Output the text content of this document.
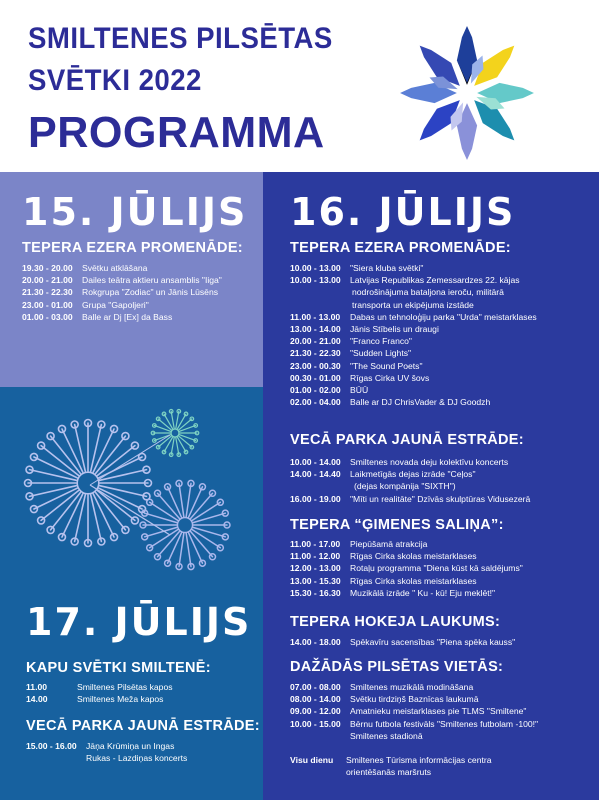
SMILTENES PILSĒTAS
SVĒTKI 2022
PROGRAMMA
15. JŪLIJS
TEPERA EZERA PROMENĀDE:
19.30 - 20.00	Svētku atklāšana
20.00 - 21.00	Dailes teātra aktieru ansamblis "Iiga"
21.30 - 22.30	Rokgrupa "Zodiac" un Jānis Lūsēns
23.00 - 01.00	Grupa "Gapoljeri"
01.00 - 03.00	Balle ar Dj [Ex] da Bass
17. JŪLIJS
KAPU SVĒTKI SMILTENĒ:
11.00	Smiltenes Pilsētas kapos
14.00	Smiltenes Meža kapos
VECĀ PARKA JAUNĀ ESTRĀDE:
15.00 - 16.00	Jāņa Krūmiņa un Ingas
Rukas - Lazdiņas koncerts
16. JŪLIJS
TEPERA EZERA PROMENĀDE:
10.00 - 13.00	"Siera kluba svētki"
10.00 - 13.00	Latvijas Republikas Zemessardzes 22. kājas
nodrošinājuma bataljona ieroču, militārā
transporta un ekipējuma izstāde
11.00 - 13.00	Dabas un tehnoloģiju parka "Urda" meistarklases
13.00 - 14.00	Jānis Stībelis un draugi
20.00 - 21.00	"Franco Franco"
21.30 - 22.30	"Sudden Lights"
23.00 - 00.30	"The Sound Poets"
00.30 - 01.00	Rīgas Cirka UV šovs
01.00 - 02.00	BŪŪ
02.00 - 04.00	Balle ar DJ ChrisVader & DJ Goodzh
VECĀ PARKA JAUNĀ ESTRĀDE:
10.00 - 14.00	Smiltenes novada deju kolektīvu koncerts
14.00 - 14.40	Laikmetīgās dejas izrāde "Ceļos"
(dejas kompānija "SIXTH")
16.00 - 19.00	"Mīti un realitāte" Dzīvās skulptūras Vidusezerā
TEPERA “ĢIMENES SALIŅA”:
11.00 - 17.00	Piepūšamā atrakcija
11.00 - 12.00	Rīgas Cirka skolas meistarklases
12.00 - 13.00	Rotaļu programma "Diena kūst kā saldējums"
13.00 - 15.30	Rīgas Cirka skolas meistarklases
15.30 - 16.30	Muzikālā izrāde " Ku - kū! Eju meklēt!"
TEPERA HOKEJA LAUKUMS:
14.00 - 18.00	Spēkavīru sacensības "Piena spēka kauss"
DAŽĀDĀS PILSĒTAS VIETĀS:
07.00 - 08.00	Smiltenes muzikālā modināšana
08.00 - 14.00	Svētku tirdziņš Baznīcas laukumā
09.00 - 12.00	Amatnieku meistarklases pie TLMS "Smiltene"
10.00 - 15.00	Bērnu futbola festivāls "Smiltenes futbolam -100!"
Smiltenes stadionā
Visu dienu	Smiltenes Tūrisma informācijas centra
orientēšanās maršruts
